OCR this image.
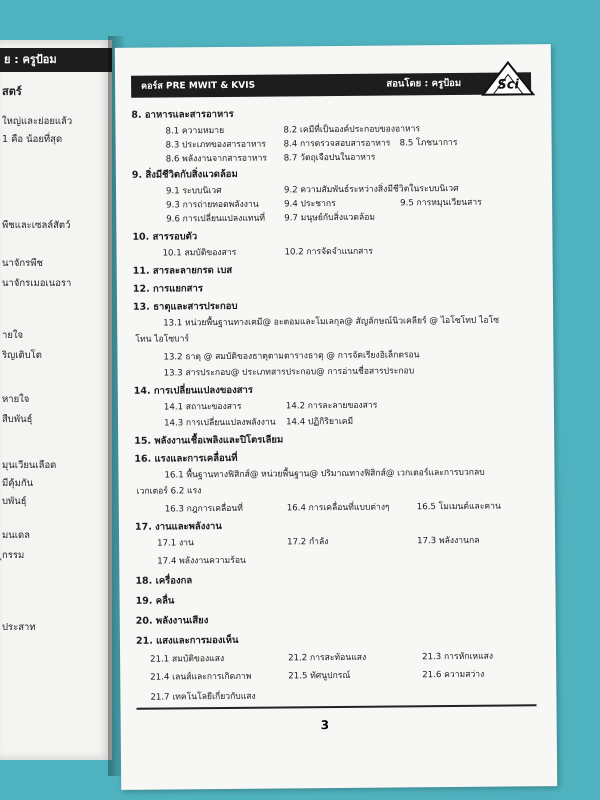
ย : ครูป้อม
สตร์
ใหญ่และย่อยแล้ว
1 คือ น้อยที่สุด
พืชและเซลล์สัตว์
นาจักรพืช
นาจักรเมอเนอรา
ายใจ
ริญเติบโต
หายใจ
สืบพันธุ์
มุนเวียนเลือด
มีคุ้มกัน
บพันธุ์
มนเดล
ุกรรม
ประสาท
คอร์ส PRE MWIT & KVIS	สอนโดย : ครูป้อม	Sci
8. อาหารและสารอาหาร
8.1 ความหมาย	8.2 เคมีที่เป็นองค์ประกอบของอาหาร
8.3 ประเภทของสารอาหาร 8.4 การตรวจสอบสารอาหาร 8.5 โภชนาการ
8.6 พลังงานจากสารอาหาร 8.7 วัตถุเจือปนในอาหาร
9. สิ่งมีชีวิตกับสิ่งแวดล้อม
9.1 ระบบนิเวศ	9.2 ความสัมพันธ์ระหว่างสิ่งมีชีวิตในระบบนิเวศ
9.3 การถ่ายทอดพลังงาน	9.4 ประชากร	9.5 การหมุนเวียนสาร
9.6 การเปลี่ยนแปลงแทนที่ 9.7 มนุษย์กับสิ่งแวดล้อม
10. สารรอบตัว
10.1 สมบัติของสาร	10.2 การจัดจำแนกสาร
11. สารละลายกรด เบส
12. การแยกสาร
13. ธาตุและสารประกอบ
13.1 หน่วยพื้นฐานทางเคมี@ อะตอมและโมเลกุล@ สัญลักษณ์นิวเคลียร์ @ ไอโซโทป ไอโซ
โทน ไอโซบาร์
13.2 ธาตุ @ สมบัติของธาตุตามตารางธาตุ @ การจัดเรียงอิเล็กตรอน
13.3 สารประกอบ@ ประเภทสารประกอบ@ การอ่านชื่อสารประกอบ
14. การเปลี่ยนแปลงของสาร
14.1 สถานะของสาร	14.2 การละลายของสาร
14.3 การเปลี่ยนแปลงพลังงาน 14.4 ปฏิกิริยาเคมี
15. พลังงานเชื้อเพลิงและปิโตรเลียม
16. แรงและการเคลื่อนที่
16.1 พื้นฐานทางฟิสิกส์@ หน่วยพื้นฐาน@ ปริมาณทางฟิสิกส์@ เวกเตอร์และการบวกลบ
เวกเตอร์ 6.2 แรง
16.3 กฎการเคลื่อนที่	16.4 การเคลื่อนที่แบบต่างๆ	16.5 โมเมนต์และคาน
17. งานและพลังงาน
17.1 งาน	17.2 กำลัง	17.3 พลังงานกล
17.4 พลังงานความร้อน
18. เครื่องกล
19. คลื่น
20. พลังงานเสียง
21. แสงและการมองเห็น
21.1 สมบัติของแสง	21.2 การสะท้อนแสง	21.3 การหักเหแสง
21.4 เลนส์และการเกิดภาพ	21.5 ทัศนูปกรณ์	21.6 ความสว่าง
21.7 เทคโนโลยีเกี่ยวกับแสง
3
